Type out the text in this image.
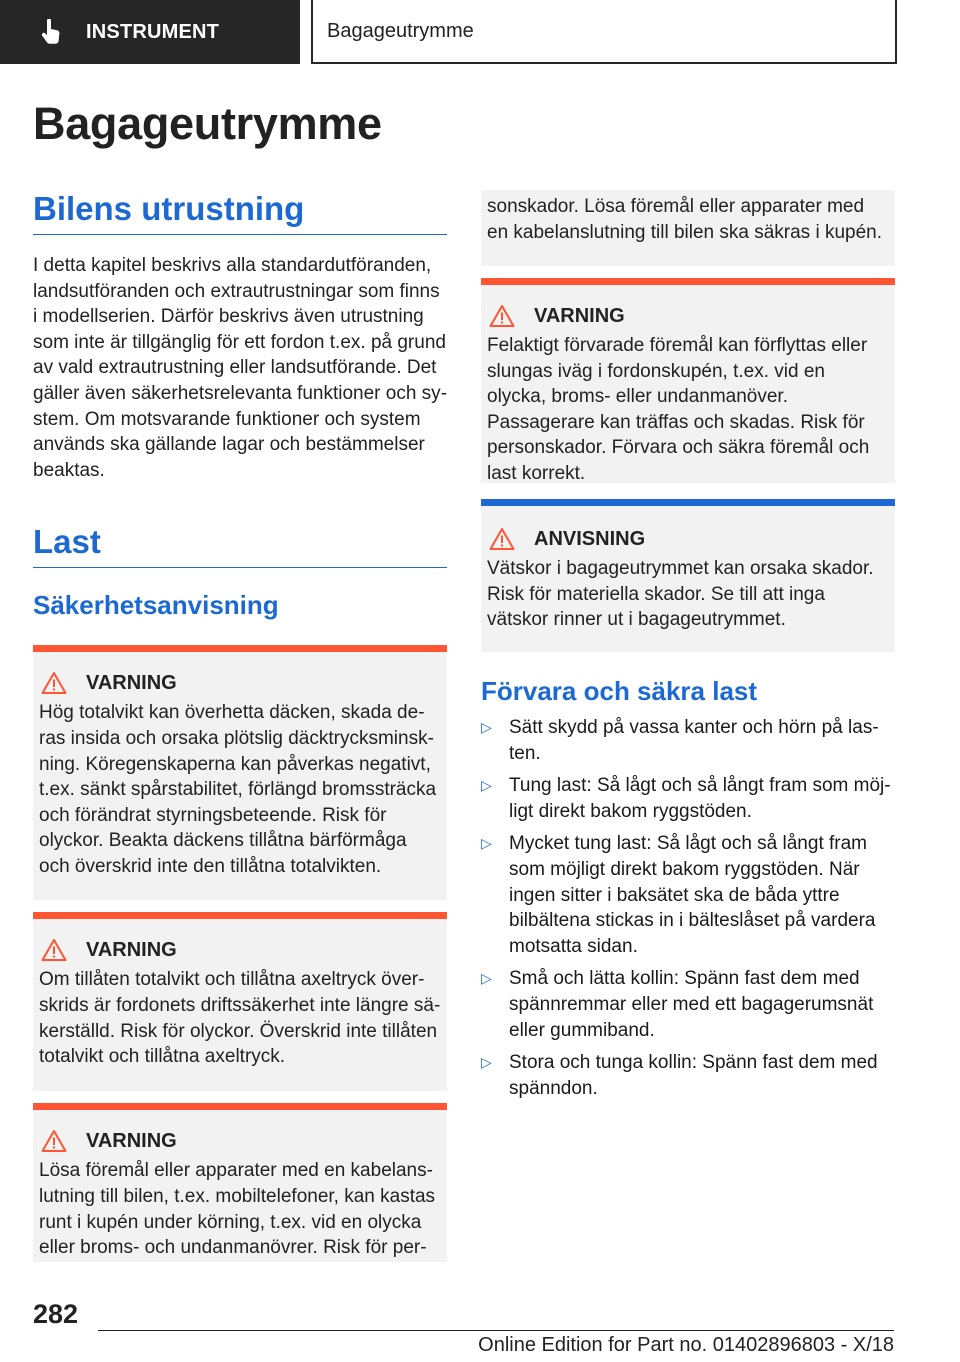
INSTRUMENT	Bagageutrymme
Bagageutrymme
Bilens utrustning

I detta kapitel beskrivs alla standardutföranden, landsutföranden och extrautrustningar som finns i modellserien. Därför beskrivs även utrustning som inte är tillgänglig för ett fordon t.ex. på grund av vald extrautrustning eller landsutförande. Det gäller även säkerhetsrelevanta funktioner och system. Om motsvarande funktioner och system används ska gällande lagar och bestämmelser beaktas.

Last
Säkerhetsanvisning
VARNING
Hög totalvikt kan överhetta däcken, skada deras insida och orsaka plötslig däcktrycksminskning. Köregenskaperna kan påverkas negativt, t.ex. sänkt spårstabilitet, förlängd bromssträcka och förändrat styrningsbeteende. Risk för olyckor. Beakta däckens tillåtna bärförmåga och överskrid inte den tillåtna totalvikten.
VARNING
Om tillåten totalvikt och tillåtna axeltryck överskrids är fordonets driftssäkerhet inte längre säkerställd. Risk för olyckor. Överskrid inte tillåten totalvikt och tillåtna axeltryck.
VARNING
Lösa föremål eller apparater med en kabelanslutning till bilen, t.ex. mobiltelefoner, kan kastas runt i kupén under körning, t.ex. vid en olycka eller broms- och undanmanövrer. Risk för per-
sonskador. Lösa föremål eller apparater med en kabelanslutning till bilen ska säkras i kupén.
VARNING
Felaktigt förvarade föremål kan förflyttas eller slungas iväg i fordonskupén, t.ex. vid en olycka, broms- eller undanmanöver. Passagerare kan träffas och skadas. Risk för personskador. Förvara och säkra föremål och last korrekt.
ANVISNING
Vätskor i bagageutrymmet kan orsaka skador. Risk för materiella skador. Se till att inga vätskor rinner ut i bagageutrymmet.
Förvara och säkra last
▷ Sätt skydd på vassa kanter och hörn på lasten.
▷ Tung last: Så lågt och så långt fram som möjligt direkt bakom ryggstöden.
▷ Mycket tung last: Så lågt och så långt fram som möjligt direkt bakom ryggstöden. När ingen sitter i baksätet ska de båda yttre bilbältena stickas in i bälteslåset på vardera motsatta sidan.
▷ Små och lätta kollin: Spänn fast dem med spännremmar eller med ett bagagerumsnät eller gummiband.
▷ Stora och tunga kollin: Spänn fast dem med spänndon.
282
Online Edition for Part no. 01402896803 - X/18
